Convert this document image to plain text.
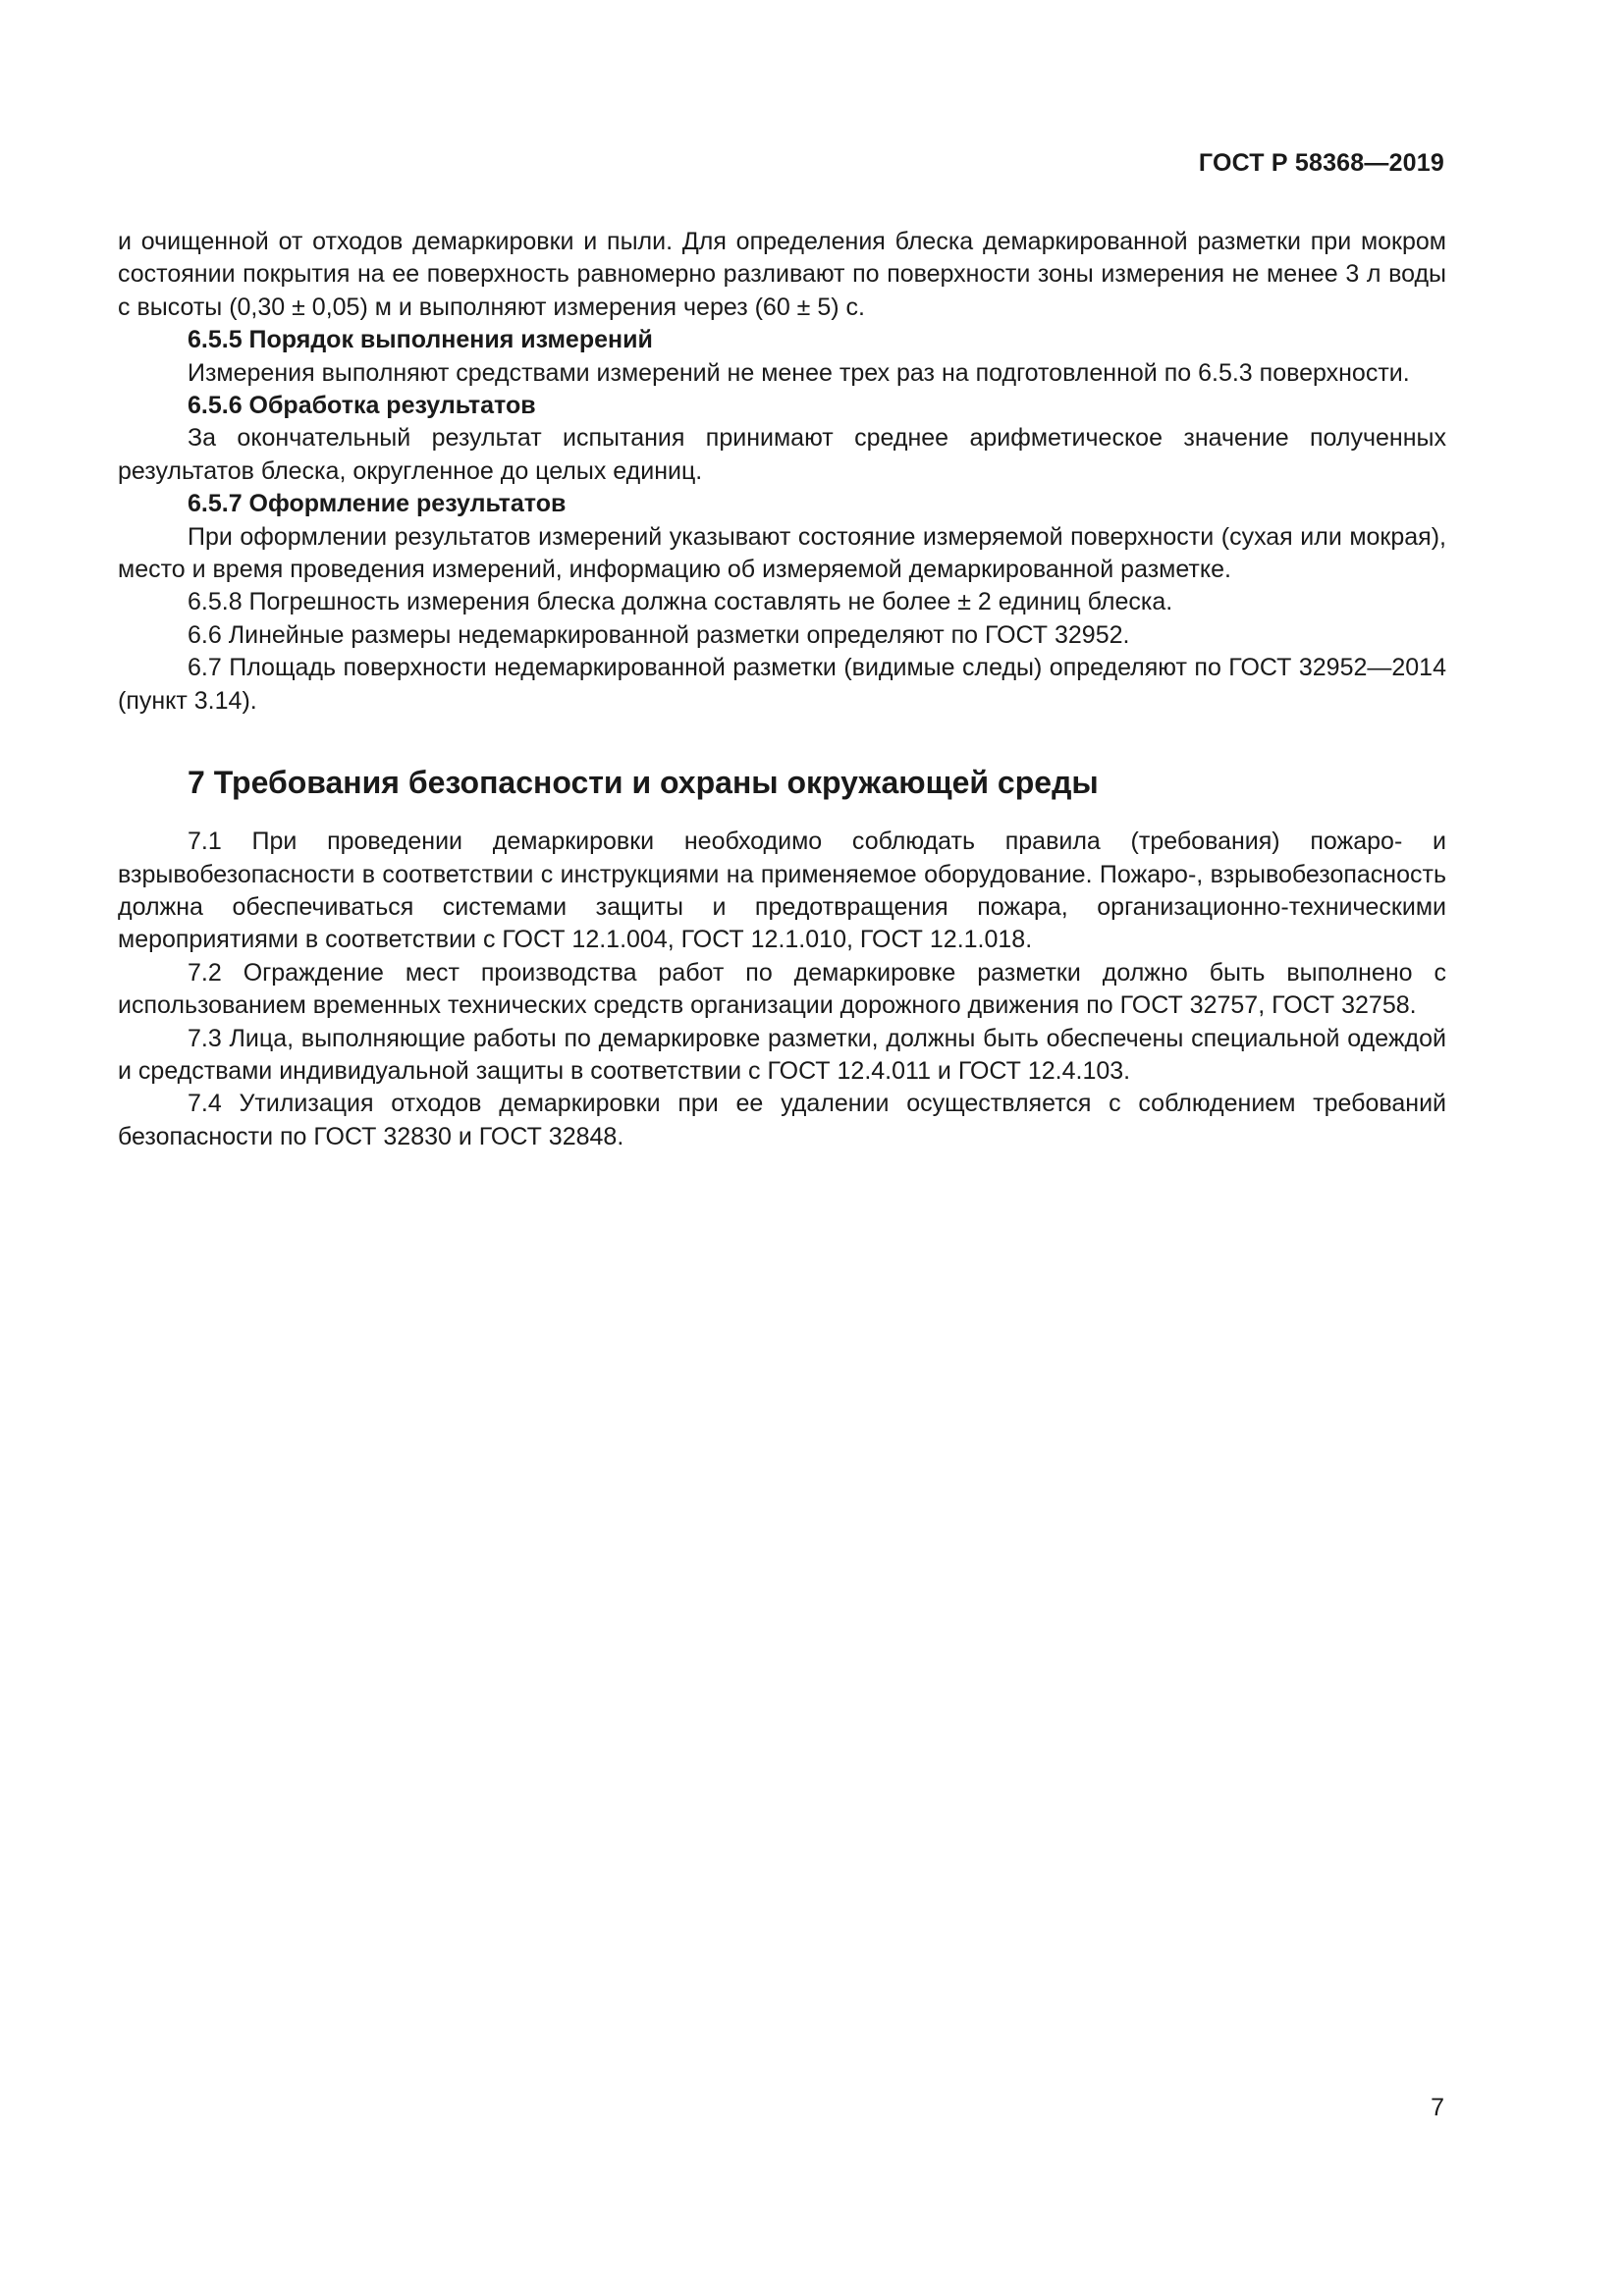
ГОСТ Р 58368—2019

и очищенной от отходов демаркировки и пыли. Для определения блеска демаркированной разметки при мокром состоянии покрытия на ее поверхность равномерно разливают по поверхности зоны измерения не менее 3 л воды с высоты (0,30 ± 0,05) м и выполняют измерения через (60 ± 5) с.

6.5.5 Порядок выполнения измерений

Измерения выполняют средствами измерений не менее трех раз на подготовленной по 6.5.3 поверхности.

6.5.6 Обработка результатов

За окончательный результат испытания принимают среднее арифметическое значение полученных результатов блеска, округленное до целых единиц.

6.5.7 Оформление результатов

При оформлении результатов измерений указывают состояние измеряемой поверхности (сухая или мокрая), место и время проведения измерений, информацию об измеряемой демаркированной разметке.

6.5.8 Погрешность измерения блеска должна составлять не более ± 2 единиц блеска.

6.6 Линейные размеры недемаркированной разметки определяют по ГОСТ 32952.

6.7 Площадь поверхности недемаркированной разметки (видимые следы) определяют по ГОСТ 32952—2014 (пункт 3.14).

7 Требования безопасности и охраны окружающей среды

7.1 При проведении демаркировки необходимо соблюдать правила (требования) пожаро- и взрывобезопасности в соответствии с инструкциями на применяемое оборудование. Пожаро-, взрывобезопасность должна обеспечиваться системами защиты и предотвращения пожара, организационно-техническими мероприятиями в соответствии с ГОСТ 12.1.004, ГОСТ 12.1.010, ГОСТ 12.1.018.

7.2 Ограждение мест производства работ по демаркировке разметки должно быть выполнено с использованием временных технических средств организации дорожного движения по ГОСТ 32757, ГОСТ 32758.

7.3 Лица, выполняющие работы по демаркировке разметки, должны быть обеспечены специальной одеждой и средствами индивидуальной защиты в соответствии с ГОСТ 12.4.011 и ГОСТ 12.4.103.

7.4 Утилизация отходов демаркировки при ее удалении осуществляется с соблюдением требований безопасности по ГОСТ 32830 и ГОСТ 32848.

7
